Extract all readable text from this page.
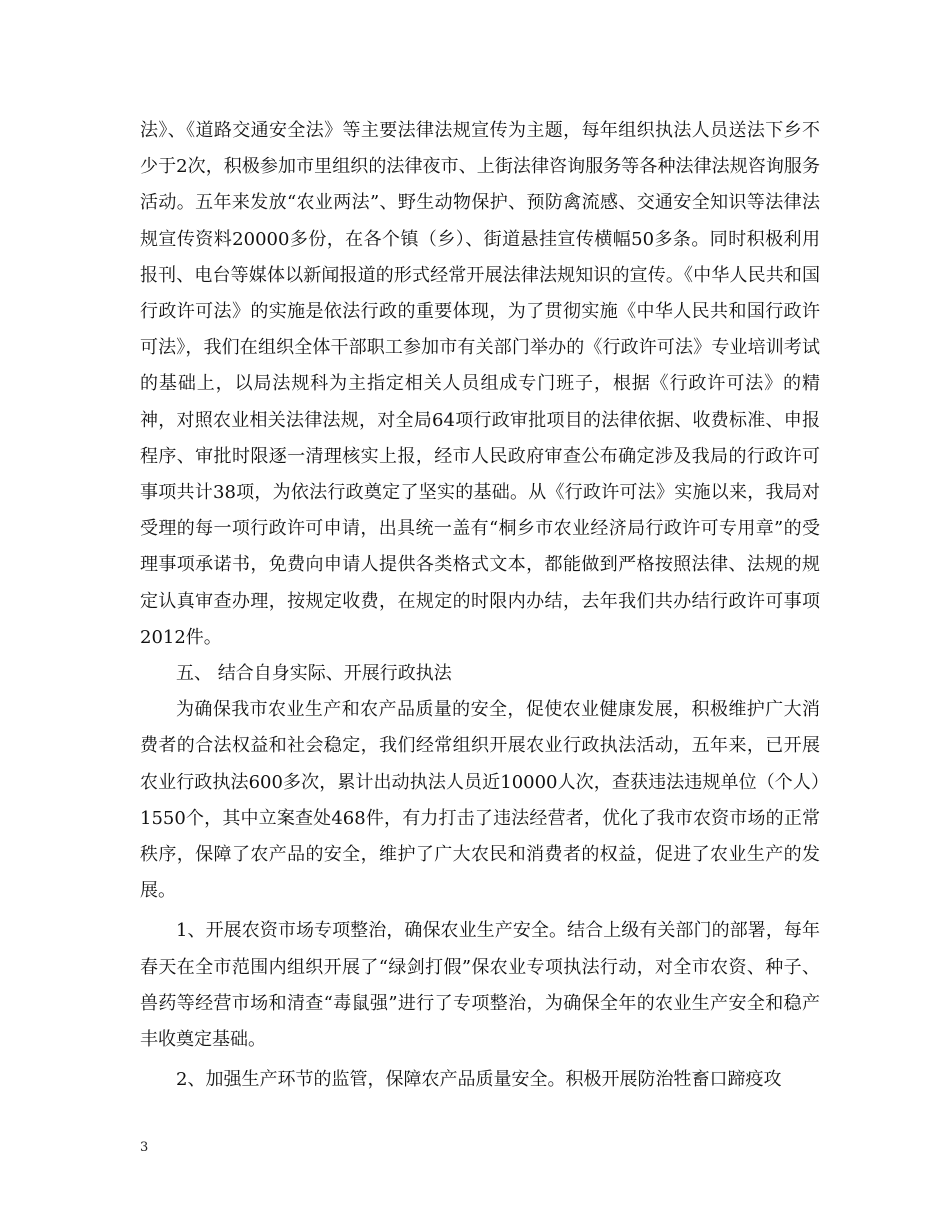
法》、《道路交通安全法》等主要法律法规宣传为主题，每年组织执法人员送法下乡不少于2次，积极参加市里组织的法律夜市、上街法律咨询服务等各种法律法规咨询服务活动。五年来发放“农业两法”、野生动物保护、预防禽流感、交通安全知识等法律法规宣传资料20000多份，在各个镇（乡）、街道悬挂宣传横幅50多条。同时积极利用报刊、电台等媒体以新闻报道的形式经常开展法律法规知识的宣传。《中华人民共和国行政许可法》的实施是依法行政的重要体现，为了贯彻实施《中华人民共和国行政许可法》，我们在组织全体干部职工参加市有关部门举办的《行政许可法》专业培训考试的基础上，以局法规科为主指定相关人员组成专门班子，根据《行政许可法》的精神，对照农业相关法律法规，对全局64项行政审批项目的法律依据、收费标准、申报程序、审批时限逐一清理核实上报，经市人民政府审查公布确定涉及我局的行政许可事项共计38项，为依法行政奠定了坚实的基础。从《行政许可法》实施以来，我局对受理的每一项行政许可申请，出具统一盖有“桐乡市农业经济局行政许可专用章”的受理事项承诺书，免费向申请人提供各类格式文本，都能做到严格按照法律、法规的规定认真审查办理，按规定收费，在规定的时限内办结，去年我们共办结行政许可事项2012件。

五、 结合自身实际、开展行政执法

为确保我市农业生产和农产品质量的安全，促使农业健康发展，积极维护广大消费者的合法权益和社会稳定，我们经常组织开展农业行政执法活动，五年来，已开展农业行政执法600多次，累计出动执法人员近10000人次，查获违法违规单位（个人）1550个，其中立案查处468件，有力打击了违法经营者，优化了我市农资市场的正常秩序，保障了农产品的安全，维护了广大农民和消费者的权益，促进了农业生产的发展。

1、开展农资市场专项整治，确保农业生产安全。结合上级有关部门的部署，每年春天在全市范围内组织开展了“绿剑打假”保农业专项执法行动，对全市农资、种子、兽药等经营市场和清查“毒鼠强”进行了专项整治，为确保全年的农业生产安全和稳产丰收奠定基础。

2、加强生产环节的监管，保障农产品质量安全。积极开展防治牲畜口蹄疫攻

3
